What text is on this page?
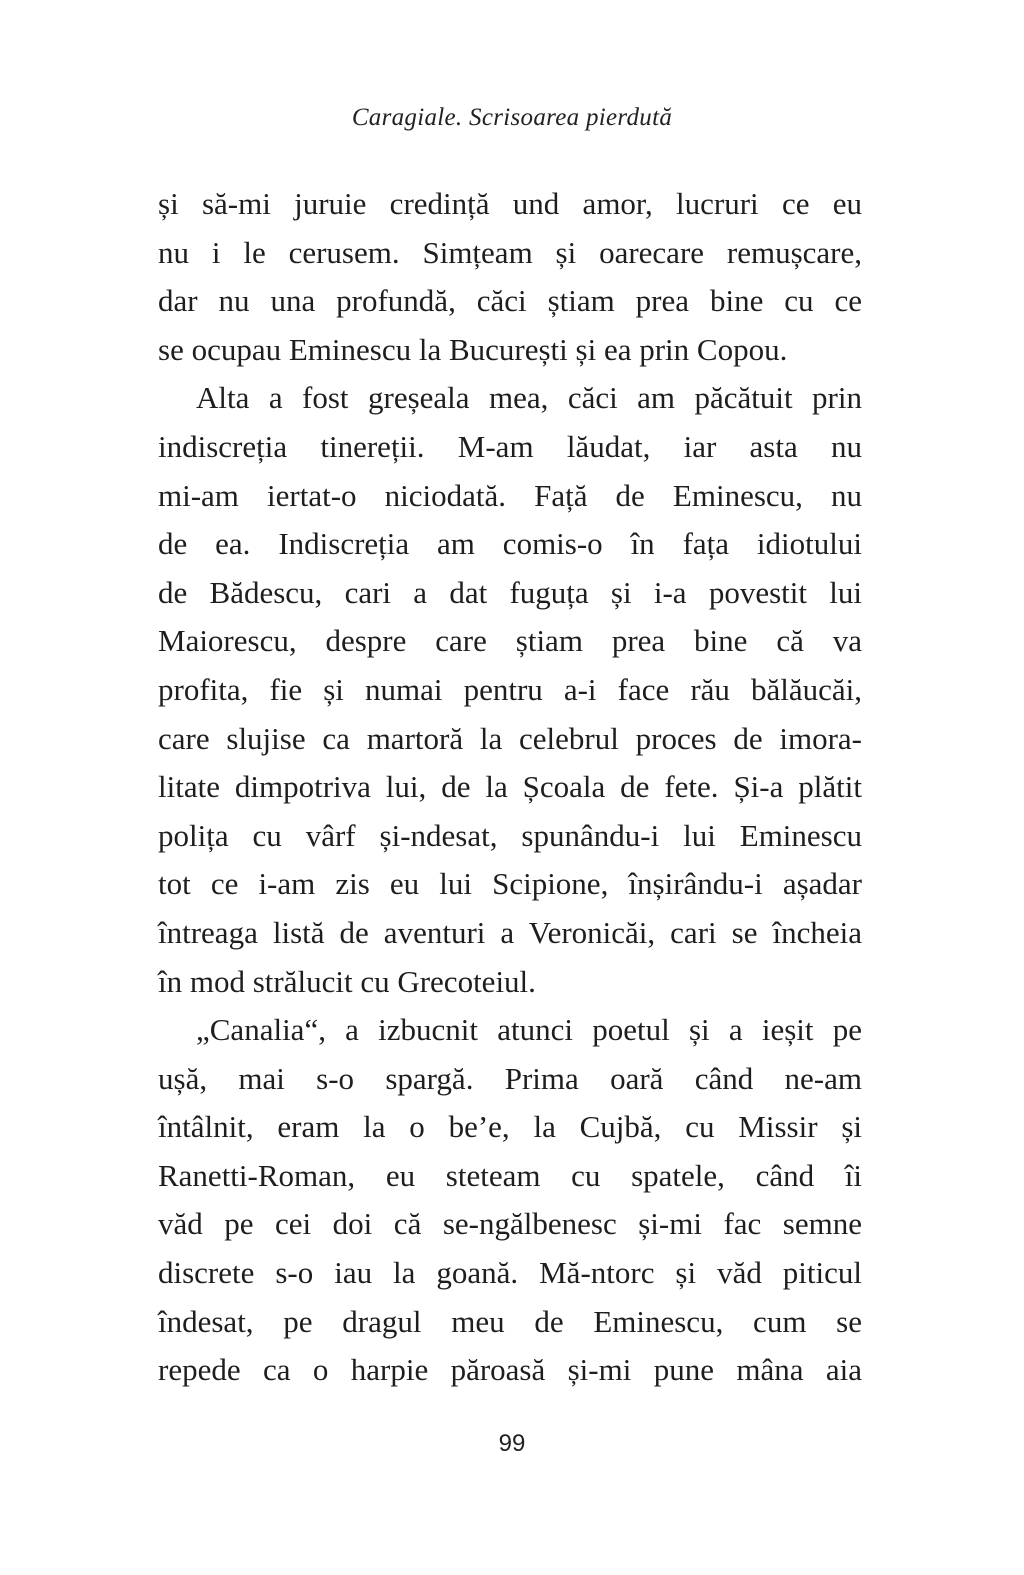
Caragiale. Scrisoarea pierdută
și să-mi juruie credință und amor, lucruri ce eu
nu i le cerusem. Simțeam și oarecare remușcare,
dar nu una profundă, căci știam prea bine cu ce
se ocupau Eminescu la București și ea prin Copou.
Alta a fost greșeala mea, căci am păcătuit prin
indiscreția tinereții. M-am lăudat, iar asta nu
mi-am iertat-o niciodată. Față de Eminescu, nu
de ea. Indiscreția am comis-o în fața idiotului
de Bădescu, cari a dat fuguța și i-a povestit lui
Maiorescu, despre care știam prea bine că va
profita, fie și numai pentru a-i face rău bălăucăi,
care slujise ca martoră la celebrul proces de imora-
litate dimpotriva lui, de la Școala de fete. Și-a plătit
polița cu vârf și-ndesat, spunându-i lui Eminescu
tot ce i-am zis eu lui Scipione, înșirându-i așadar
întreaga listă de aventuri a Veronicăi, cari se încheia
în mod strălucit cu Grecoteiul.
„Canalia“, a izbucnit atunci poetul și a ieșit pe
ușă, mai s-o spargă. Prima oară când ne-am
întâlnit, eram la o be’e, la Cujbă, cu Missir și
Ranetti-Roman, eu steteam cu spatele, când îi
văd pe cei doi că se-ngălbenesc și-mi fac semne
discrete s-o iau la goană. Mă-ntorc și văd piticul
îndesat, pe dragul meu de Eminescu, cum se
repede ca o harpie păroasă și-mi pune mâna aia
99
